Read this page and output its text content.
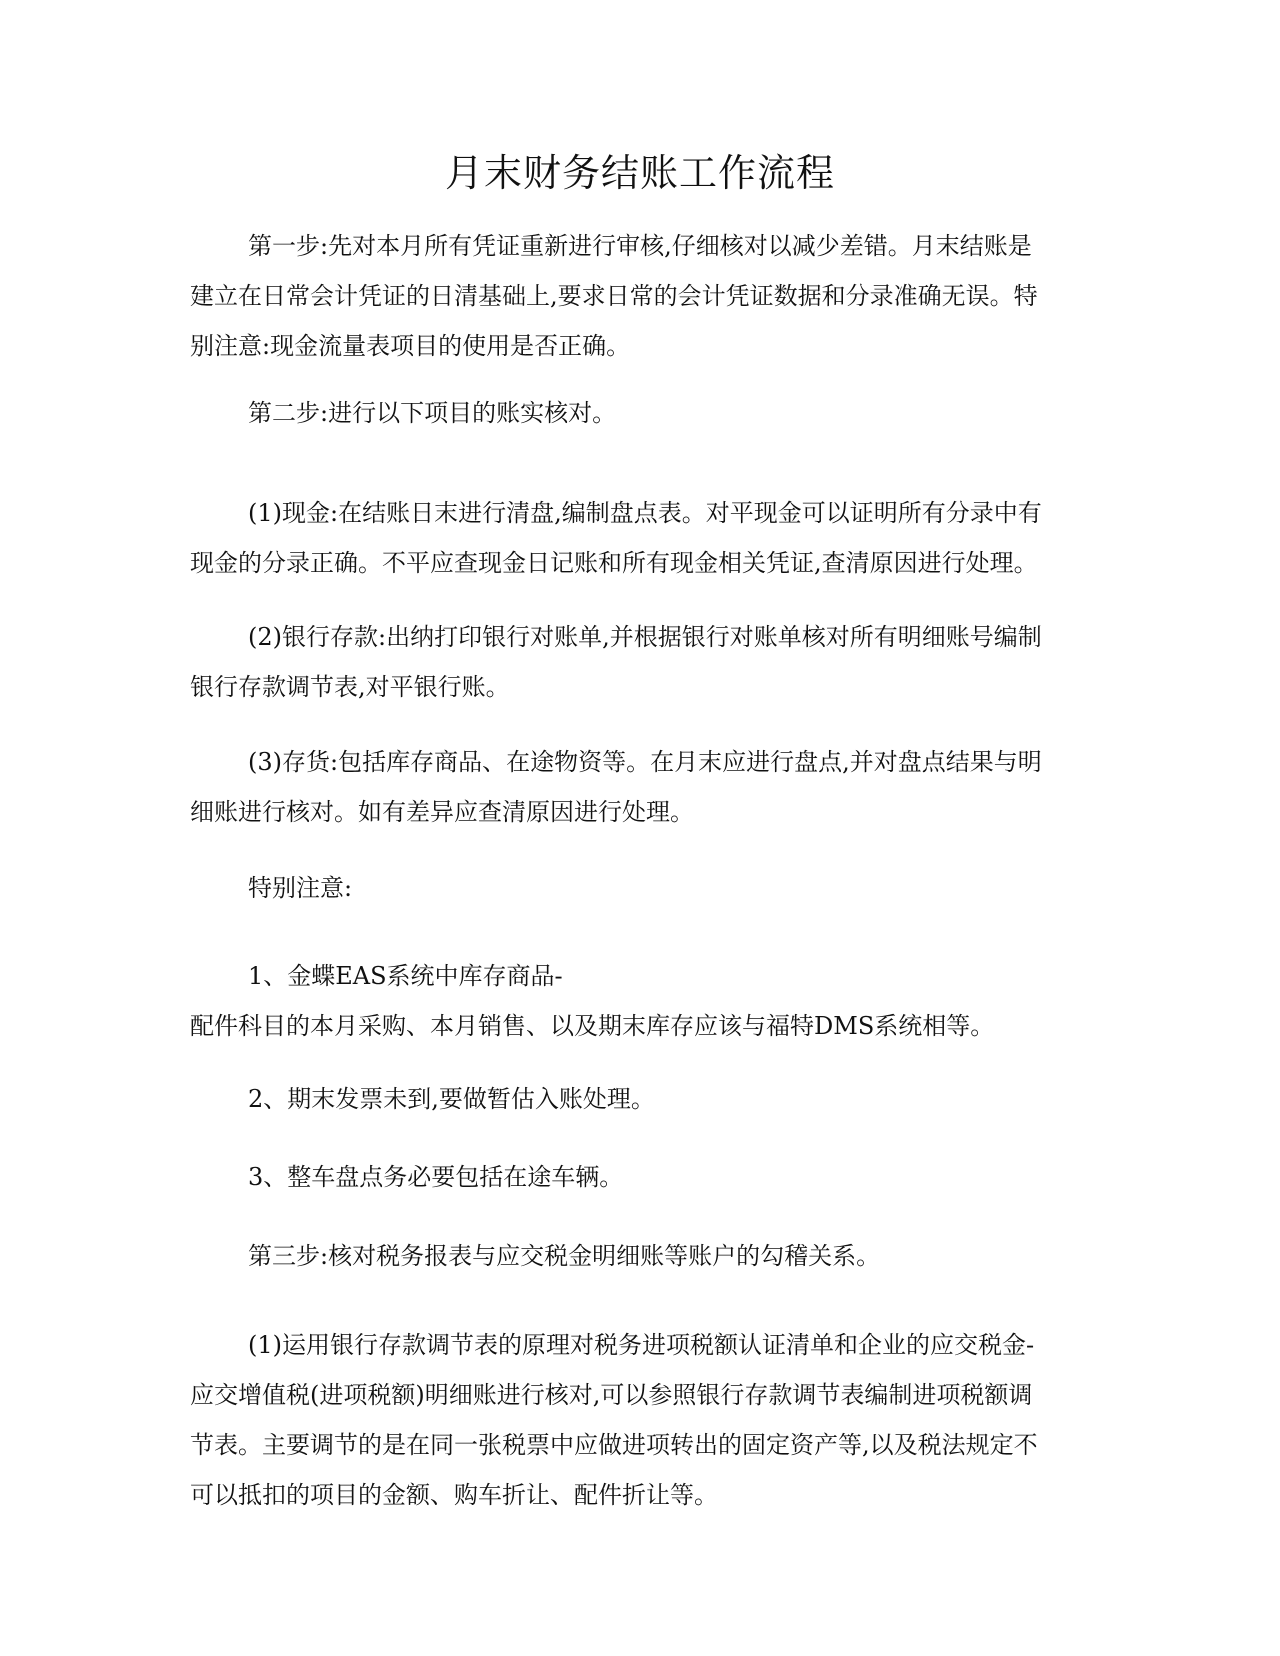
月末财务结账工作流程
第一步:先对本月所有凭证重新进行审核,仔细核对以减少差错。月末结账是
建立在日常会计凭证的日清基础上,要求日常的会计凭证数据和分录准确无误。特
别注意:现金流量表项目的使用是否正确。
第二步:进行以下项目的账实核对。
(1)现金:在结账日末进行清盘,编制盘点表。对平现金可以证明所有分录中有
现金的分录正确。不平应查现金日记账和所有现金相关凭证,查清原因进行处理。
(2)银行存款:出纳打印银行对账单,并根据银行对账单核对所有明细账号编制
银行存款调节表,对平银行账。
(3)存货:包括库存商品、在途物资等。在月末应进行盘点,并对盘点结果与明
细账进行核对。如有差异应查清原因进行处理。
特别注意:
1、金蝶EAS系统中库存商品-
配件科目的本月采购、本月销售、以及期末库存应该与福特DMS系统相等。
2、期末发票未到,要做暂估入账处理。
3、整车盘点务必要包括在途车辆。
第三步:核对税务报表与应交税金明细账等账户的勾稽关系。
(1)运用银行存款调节表的原理对税务进项税额认证清单和企业的应交税金-
应交增值税(进项税额)明细账进行核对,可以参照银行存款调节表编制进项税额调
节表。主要调节的是在同一张税票中应做进项转出的固定资产等,以及税法规定不
可以抵扣的项目的金额、购车折让、配件折让等。
